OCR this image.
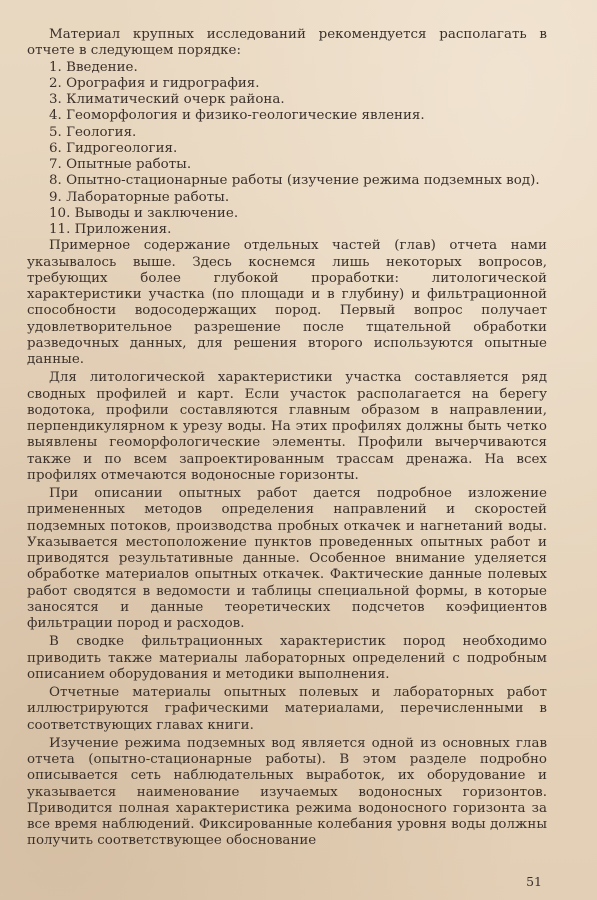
Материал крупных исследований рекомендуется располагать в отчете в следующем порядке:

1. Введение.
2. Орография и гидрография.
3. Климатический очерк района.
4. Геоморфология и физико-геологические явления.
5. Геология.
6. Гидрогеология.
7. Опытные работы.
8. Опытно-стационарные работы (изучение режима подземных вод).
9. Лабораторные работы.
10. Выводы и заключение.
11. Приложения.

Примерное содержание отдельных частей (глав) отчета нами указывалось выше. Здесь коснемся лишь некоторых вопросов, требующих более глубокой проработки: литологической характеристики участка (по площади и в глубину) и фильтрационной способности водосодержащих пород. Первый вопрос получает удовлетворительное разрешение после тщательной обработки разведочных данных, для решения второго используются опытные данные.

Для литологической характеристики участка составляется ряд сводных профилей и карт. Если участок располагается на берегу водотока, профили составляются главным образом в направлении, перпендикулярном к урезу воды. На этих профилях должны быть четко выявлены геоморфологические элементы. Профили вычерчиваются также и по всем запроектированным трассам дренажа. На всех профилях отмечаются водоносные горизонты.

При описании опытных работ дается подробное изложение примененных методов определения направлений и скоростей подземных потоков, производства пробных откачек и нагнетаний воды. Указывается местоположение пунктов проведенных опытных работ и приводятся результативные данные. Особенное внимание уделяется обработке материалов опытных откачек. Фактические данные полевых работ сводятся в ведомости и таблицы специальной формы, в которые заносятся и данные теоретических подсчетов коэфициентов фильтрации пород и расходов.

В сводке фильтрационных характеристик пород необходимо приводить также материалы лабораторных определений с подробным описанием оборудования и методики выполнения.

Отчетные материалы опытных полевых и лабораторных работ иллюстрируются графическими материалами, перечисленными в соответствующих главах книги.

Изучение режима подземных вод является одной из основных глав отчета (опытно-стационарные работы). В этом разделе подробно описывается сеть наблюдательных выработок, их оборудование и указывается наименование изучаемых водоносных горизонтов. Приводится полная характеристика режима водоносного горизонта за все время наблюдений. Фиксированные колебания уровня воды должны получить соответствующее обоснование

51
